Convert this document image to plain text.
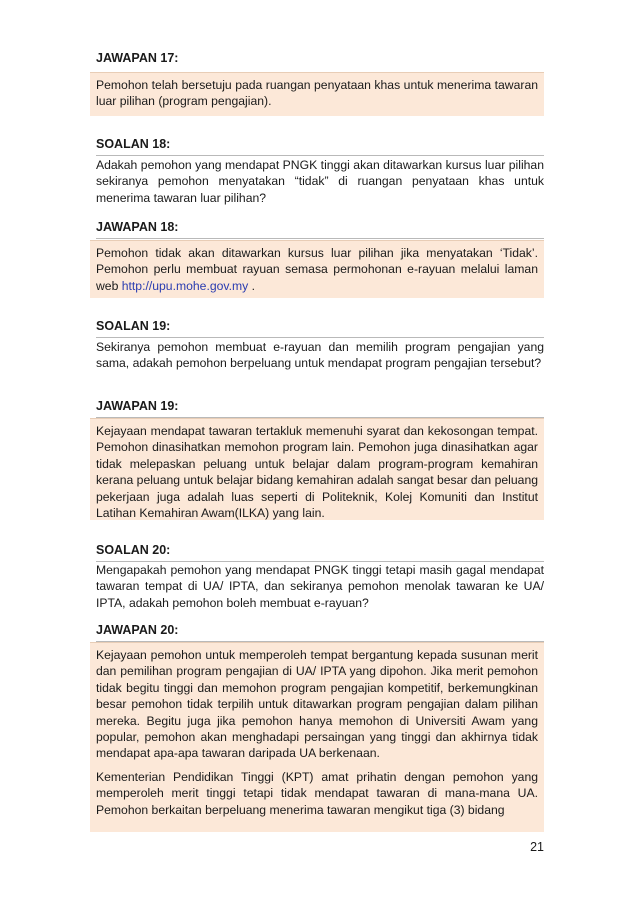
JAWAPAN 17:

Pemohon telah bersetuju pada ruangan penyataan khas untuk menerima tawaran luar pilihan (program pengajian).

SOALAN 18:

Adakah pemohon yang mendapat PNGK tinggi akan ditawarkan kursus luar pilihan sekiranya pemohon menyatakan “tidak” di ruangan penyataan khas untuk menerima tawaran luar pilihan?

JAWAPAN 18:

Pemohon tidak akan ditawarkan kursus luar pilihan jika menyatakan ‘Tidak’. Pemohon perlu membuat rayuan semasa permohonan e-rayuan melalui laman web http://upu.mohe.gov.my .

SOALAN 19:

Sekiranya pemohon membuat e-rayuan dan memilih program pengajian yang sama, adakah pemohon berpeluang untuk mendapat program pengajian tersebut?

JAWAPAN 19:

Kejayaan mendapat tawaran tertakluk memenuhi syarat dan kekosongan tempat. Pemohon dinasihatkan memohon program lain. Pemohon juga dinasihatkan agar tidak melepaskan peluang untuk belajar dalam program-program kemahiran kerana peluang untuk belajar bidang kemahiran adalah sangat besar dan peluang pekerjaan juga adalah luas seperti di Politeknik, Kolej Komuniti dan Institut Latihan Kemahiran Awam(ILKA) yang lain.

SOALAN 20:

Mengapakah pemohon yang mendapat PNGK tinggi tetapi masih gagal mendapat tawaran tempat di UA/ IPTA, dan sekiranya pemohon menolak tawaran ke UA/ IPTA, adakah pemohon boleh membuat e-rayuan?

JAWAPAN 20:

Kejayaan pemohon untuk memperoleh tempat bergantung kepada susunan merit dan pemilihan program pengajian di UA/ IPTA yang dipohon. Jika merit pemohon tidak begitu tinggi dan memohon program pengajian kompetitif, berkemungkinan besar pemohon tidak terpilih untuk ditawarkan program pengajian dalam pilihan mereka. Begitu juga jika pemohon hanya memohon di Universiti Awam yang popular, pemohon akan menghadapi persaingan yang tinggi dan akhirnya tidak mendapat apa-apa tawaran daripada UA berkenaan.

Kementerian Pendidikan Tinggi (KPT) amat prihatin dengan pemohon yang memperoleh merit tinggi tetapi tidak mendapat tawaran di mana-mana UA. Pemohon berkaitan berpeluang menerima tawaran mengikut tiga (3) bidang

21
